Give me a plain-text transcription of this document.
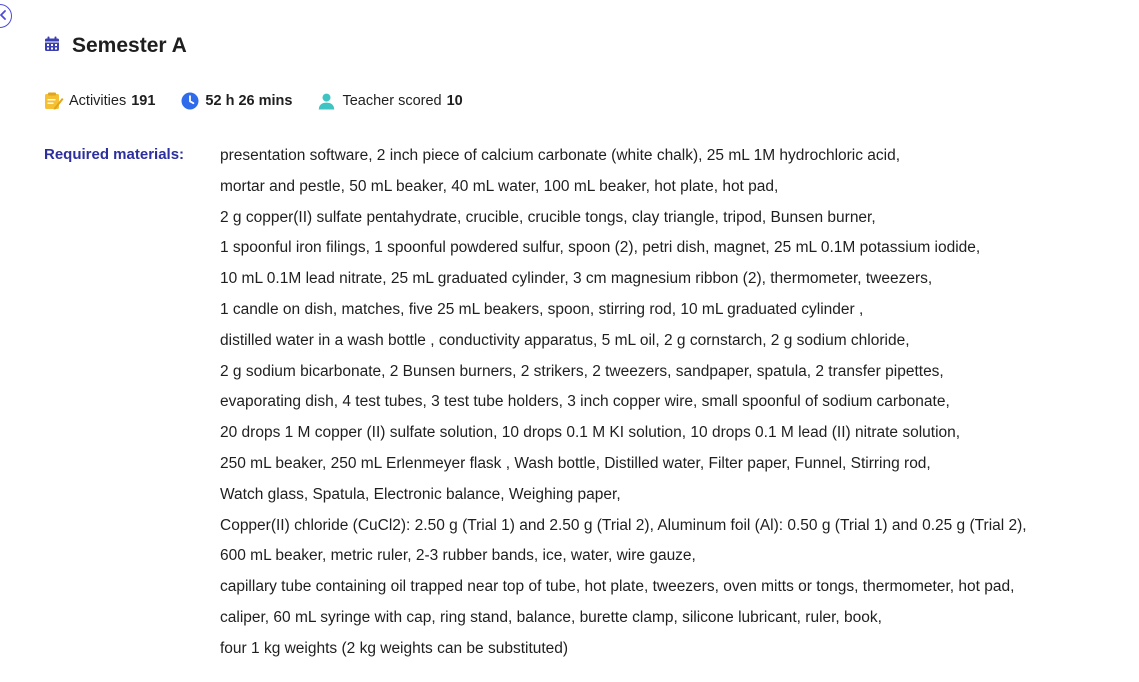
Semester A
Activities 191	52 h 26 mins	Teacher scored 10
Required materials: presentation software, 2 inch piece of calcium carbonate (white chalk), 25 mL 1M hydrochloric acid,
mortar and pestle, 50 mL beaker, 40 mL water, 100 mL beaker, hot plate, hot pad,
2 g copper(II) sulfate pentahydrate, crucible, crucible tongs, clay triangle, tripod, Bunsen burner,
1 spoonful iron filings, 1 spoonful powdered sulfur, spoon (2), petri dish, magnet, 25 mL 0.1M potassium iodide,
10 mL 0.1M lead nitrate, 25 mL graduated cylinder, 3 cm magnesium ribbon (2), thermometer, tweezers,
1 candle on dish, matches, five 25 mL beakers, spoon, stirring rod, 10 mL graduated cylinder ,
distilled water in a wash bottle , conductivity apparatus, 5 mL oil, 2 g cornstarch, 2 g sodium chloride,
2 g sodium bicarbonate, 2 Bunsen burners, 2 strikers, 2 tweezers, sandpaper, spatula, 2 transfer pipettes,
evaporating dish, 4 test tubes, 3 test tube holders, 3 inch copper wire, small spoonful of sodium carbonate,
20 drops 1 M copper (II) sulfate solution, 10 drops 0.1 M KI solution, 10 drops 0.1 M lead (II) nitrate solution,
250 mL beaker, 250 mL Erlenmeyer flask , Wash bottle, Distilled water, Filter paper, Funnel, Stirring rod,
Watch glass, Spatula, Electronic balance, Weighing paper,
Copper(II) chloride (CuCl2): 2.50 g (Trial 1) and 2.50 g (Trial 2), Aluminum foil (Al): 0.50 g (Trial 1) and 0.25 g (Trial 2),
600 mL beaker, metric ruler, 2-3 rubber bands, ice, water, wire gauze,
capillary tube containing oil trapped near top of tube, hot plate, tweezers, oven mitts or tongs, thermometer, hot pad,
caliper, 60 mL syringe with cap, ring stand, balance, burette clamp, silicone lubricant, ruler, book,
four 1 kg weights (2 kg weights can be substituted)
